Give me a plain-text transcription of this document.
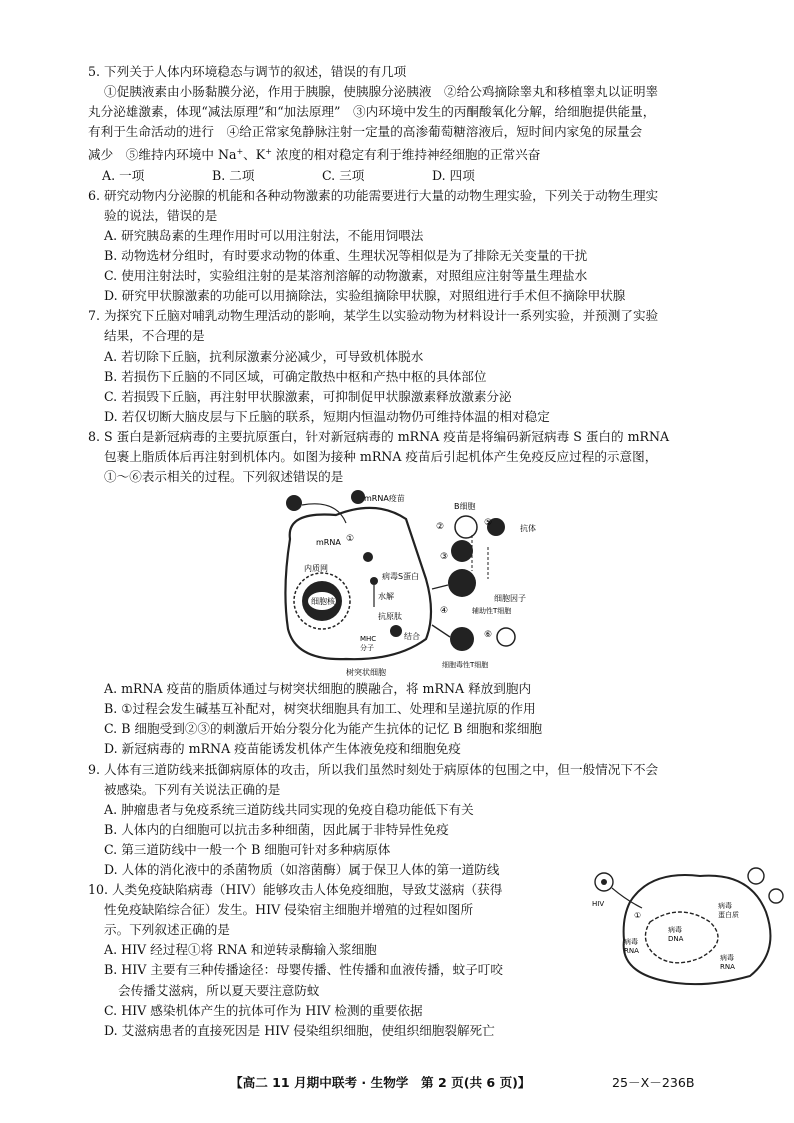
5. 下列关于人体内环境稳态与调节的叙述，错误的有几项
①促胰液素由小肠黏膜分泌，作用于胰腺，使胰腺分泌胰液　②给公鸡摘除睾丸和移植睾丸以证明睾
丸分泌雄激素，体现“减法原理”和“加法原理”　③内环境中发生的丙酮酸氧化分解，给细胞提供能量，
有利于生命活动的进行　④给正常家兔静脉注射一定量的高渗葡萄糖溶液后，短时间内家兔的尿量会
减少　⑤维持内环境中 Na+、K+ 浓度的相对稳定有利于维持神经细胞的正常兴奋
A. 一项	B. 二项	C. 三项	D. 四项
6. 研究动物内分泌腺的机能和各种动物激素的功能需要进行大量的动物生理实验，下列关于动物生理实
验的说法，错误的是
A. 研究胰岛素的生理作用时可以用注射法，不能用饲喂法
B. 动物选材分组时，有时要求动物的体重、生理状况等相似是为了排除无关变量的干扰
C. 使用注射法时，实验组注射的是某溶剂溶解的动物激素，对照组应注射等量生理盐水
D. 研究甲状腺激素的功能可以用摘除法，实验组摘除甲状腺，对照组进行手术但不摘除甲状腺
7. 为探究下丘脑对哺乳动物生理活动的影响，某学生以实验动物为材料设计一系列实验，并预测了实验
结果，不合理的是
A. 若切除下丘脑，抗利尿激素分泌减少，可导致机体脱水
B. 若损伤下丘脑的不同区域，可确定散热中枢和产热中枢的具体部位
C. 若损毁下丘脑，再注射甲状腺激素，可抑制促甲状腺激素释放激素分泌
D. 若仅切断大脑皮层与下丘脑的联系，短期内恒温动物仍可维持体温的相对稳定
8. S 蛋白是新冠病毒的主要抗原蛋白，针对新冠病毒的 mRNA 疫苗是将编码新冠病毒 S 蛋白的 mRNA
包裹上脂质体后再注射到机体内。如图为接种 mRNA 疫苗后引起机体产生免疫反应过程的示意图，
①～⑥表示相关的过程。下列叙述错误的是
mRNA疫苗
mRNA
内质网
细胞核
病毒S蛋白
水解
抗原肽
MHC
分子
结合
B细胞
抗体
细胞因子
辅助性T细胞
细胞毒性T细胞
树突状细胞
①
②
③
④
⑤
⑥
A. mRNA 疫苗的脂质体通过与树突状细胞的膜融合，将 mRNA 释放到胞内
B. ①过程会发生碱基互补配对，树突状细胞具有加工、处理和呈递抗原的作用
C. B 细胞受到②③的刺激后开始分裂分化为能产生抗体的记忆 B 细胞和浆细胞
D. 新冠病毒的 mRNA 疫苗能诱发机体产生体液免疫和细胞免疫
9. 人体有三道防线来抵御病原体的攻击，所以我们虽然时刻处于病原体的包围之中，但一般情况下不会
被感染。下列有关说法正确的是
A. 肿瘤患者与免疫系统三道防线共同实现的免疫自稳功能低下有关
B. 人体内的白细胞可以抗击多种细菌，因此属于非特异性免疫
C. 第三道防线中一般一个 B 细胞可针对多种病原体
D. 人体的消化液中的杀菌物质（如溶菌酶）属于保卫人体的第一道防线
10. 人类免疫缺陷病毒（HIV）能够攻击人体免疫细胞，导致艾滋病（获得
性免疫缺陷综合征）发生。HIV 侵染宿主细胞并增殖的过程如图所
示。下列叙述正确的是
A. HIV 经过程①将 RNA 和逆转录酶输入浆细胞
B. HIV 主要有三种传播途径：母婴传播、性传播和血液传播，蚊子叮咬
会传播艾滋病，所以夏天要注意防蚊
C. HIV 感染机体产生的抗体可作为 HIV 检测的重要依据
D. 艾滋病患者的直接死因是 HIV 侵染组织细胞，使组织细胞裂解死亡
HIV
①
病毒
RNA
病毒
DNA
病毒
蛋白质
病毒
RNA
【高二 11 月期中联考 · 生物学　第 2 页(共 6 页)】	25－X－236B
